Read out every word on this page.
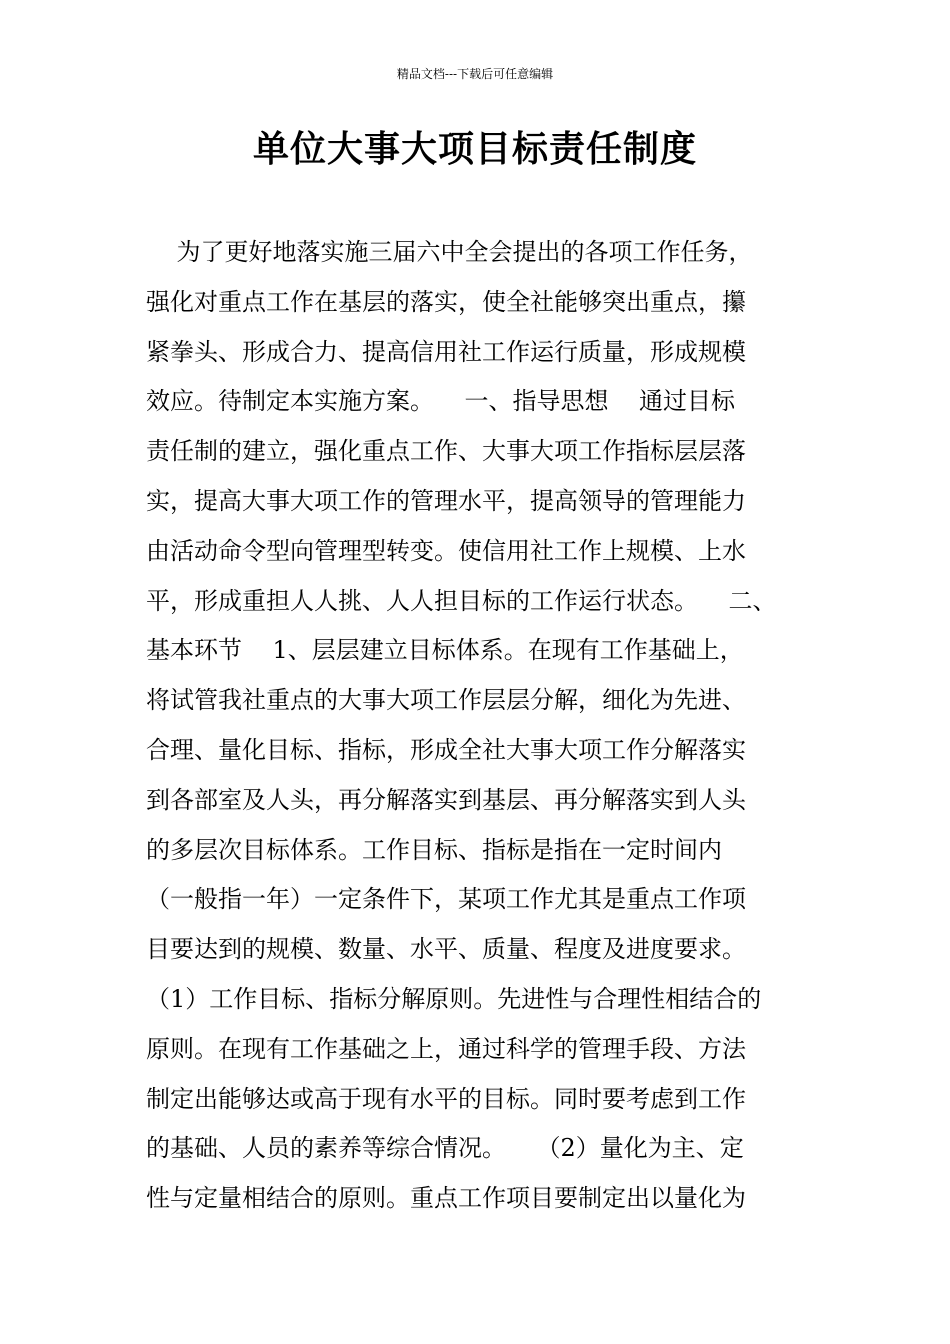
精品文档---下载后可任意编辑
单位大事大项目标责任制度
为了更好地落实施三届六中全会提出的各项工作任务，
强化对重点工作在基层的落实，使全社能够突出重点，攥
紧拳头、形成合力、提高信用社工作运行质量，形成规模
效应。待制定本实施方案。    一、指导思想    通过目标
责任制的建立，强化重点工作、大事大项工作指标层层落
实，提高大事大项工作的管理水平，提高领导的管理能力
由活动命令型向管理型转变。使信用社工作上规模、上水
平，形成重担人人挑、人人担目标的工作运行状态。    二、
基本环节    1、层层建立目标体系。在现有工作基础上，
将试管我社重点的大事大项工作层层分解，细化为先进、
合理、量化目标、指标，形成全社大事大项工作分解落实
到各部室及人头，再分解落实到基层、再分解落实到人头
的多层次目标体系。工作目标、指标是指在一定时间内
（一般指一年）一定条件下，某项工作尤其是重点工作项
目要达到的规模、数量、水平、质量、程度及进度要求。
（1）工作目标、指标分解原则。先进性与合理性相结合的
原则。在现有工作基础之上，通过科学的管理手段、方法
制定出能够达或高于现有水平的目标。同时要考虑到工作
的基础、人员的素养等综合情况。    （2）量化为主、定
性与定量相结合的原则。重点工作项目要制定出以量化为
